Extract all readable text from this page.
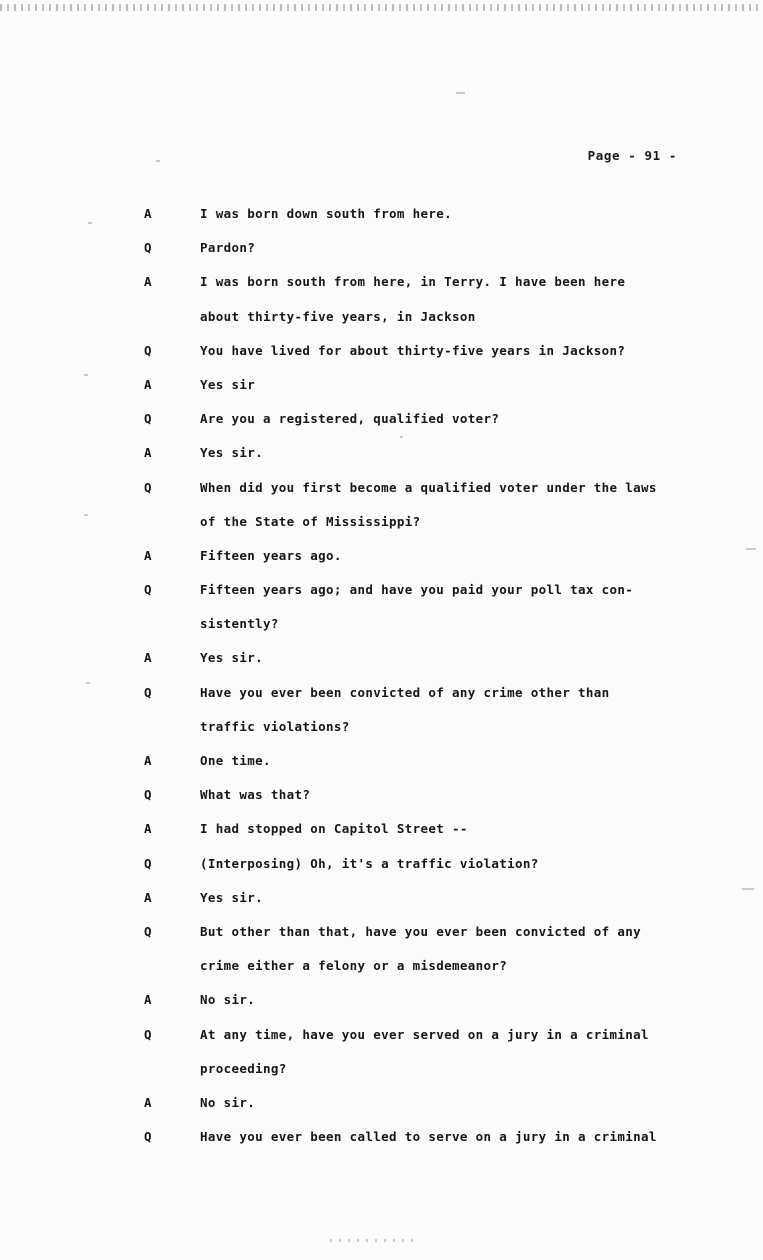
Page - 91 -
A	I was born down south from here.
Q	Pardon?
A	I was born south from here, in Terry. I have been here
about thirty-five years, in Jackson
Q	You have lived for about thirty-five years in Jackson?
A	Yes sir
Q	Are you a registered, qualified voter?
A	Yes sir.
Q	When did you first become a qualified voter under the laws
of the State of Mississippi?
A	Fifteen years ago.
Q	Fifteen years ago; and have you paid your poll tax con-
sistently?
A	Yes sir.
Q	Have you ever been convicted of any crime other than
traffic violations?
A	One time.
Q	What was that?
A	I had stopped on Capitol Street --
Q	(Interposing) Oh, it's a traffic violation?
A	Yes sir.
Q	But other than that, have you ever been convicted of any
crime either a felony or a misdemeanor?
A	No sir.
Q	At any time, have you ever served on a jury in a criminal
proceeding?
A	No sir.
Q	Have you ever been called to serve on a jury in a criminal
